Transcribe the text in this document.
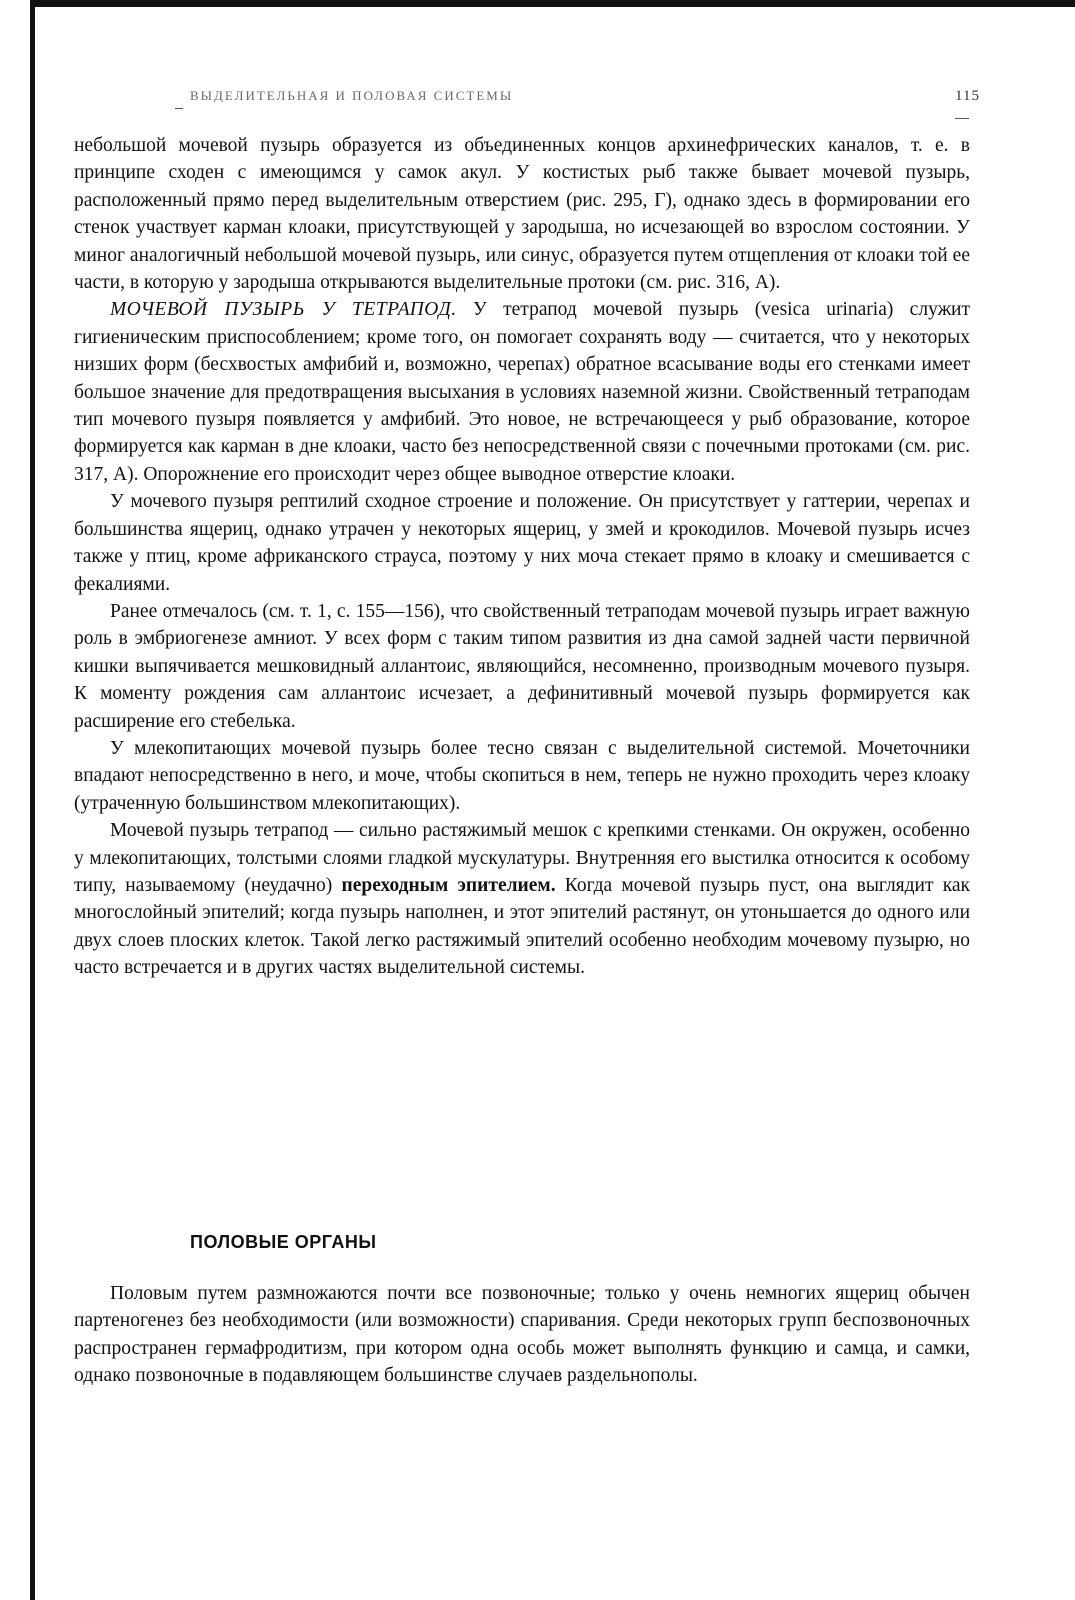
ВЫДЕЛИТЕЛЬНАЯ И ПОЛОВАЯ СИСТЕМЫ	115

небольшой мочевой пузырь образуется из объединенных концов архинефрических каналов, т. е. в принципе сходен с имеющимся у самок акул. У костистых рыб также бывает мочевой пузырь, расположенный прямо перед выделительным отверстием (рис. 295, Г), однако здесь в формировании его стенок участвует карман клоаки, присутствующей у зародыша, но исчезающей во взрослом состоянии. У миног аналогичный небольшой мочевой пузырь, или синус, образуется путем отщепления от клоаки той ее части, в которую у зародыша открываются выделительные протоки (см. рис. 316, А).

МОЧЕВОЙ ПУЗЫРЬ У ТЕТРАПОД. У тетрапод мочевой пузырь (vesica urinaria) служит гигиеническим приспособлением; кроме того, он помогает сохранять воду — считается, что у некоторых низших форм (бесхвостых амфибий и, возможно, черепах) обратное всасывание воды его стенками имеет большое значение для предотвращения высыхания в условиях наземной жизни. Свойственный тетраподам тип мочевого пузыря появляется у амфибий. Это новое, не встречающееся у рыб образование, которое формируется как карман в дне клоаки, часто без непосредственной связи с почечными протоками (см. рис. 317, А). Опорожнение его происходит через общее выводное отверстие клоаки.

У мочевого пузыря рептилий сходное строение и положение. Он присутствует у гаттерии, черепах и большинства ящериц, однако утрачен у некоторых ящериц, у змей и крокодилов. Мочевой пузырь исчез также у птиц, кроме африканского страуса, поэтому у них моча стекает прямо в клоаку и смешивается с фекалиями.

Ранее отмечалось (см. т. 1, с. 155—156), что свойственный тетраподам мочевой пузырь играет важную роль в эмбриогенезе амниот. У всех форм с таким типом развития из дна самой задней части первичной кишки выпячивается мешковидный аллантоис, являющийся, несомненно, производным мочевого пузыря. К моменту рождения сам аллантоис исчезает, а дефинитивный мочевой пузырь формируется как расширение его стебелька.

У млекопитающих мочевой пузырь более тесно связан с выделительной системой. Мочеточники впадают непосредственно в него, и моче, чтобы скопиться в нем, теперь не нужно проходить через клоаку (утраченную большинством млекопитающих).

Мочевой пузырь тетрапод — сильно растяжимый мешок с крепкими стенками. Он окружен, особенно у млекопитающих, толстыми слоями гладкой мускулатуры. Внутренняя его выстилка относится к особому типу, называемому (неудачно) переходным эпителием. Когда мочевой пузырь пуст, она выглядит как многослойный эпителий; когда пузырь наполнен, и этот эпителий растянут, он утоньшается до одного или двух слоев плоских клеток. Такой легко растяжимый эпителий особенно необходим мочевому пузырю, но часто встречается и в других частях выделительной системы.

ПОЛОВЫЕ ОРГАНЫ

Половым путем размножаются почти все позвоночные; только у очень немногих ящериц обычен партеногенез без необходимости (или возможности) спаривания. Среди некоторых групп беспозвоночных распространен гермафродитизм, при котором одна особь может выполнять функцию и самца, и самки, однако позвоночные в подавляющем большинстве случаев раздельнополы.
